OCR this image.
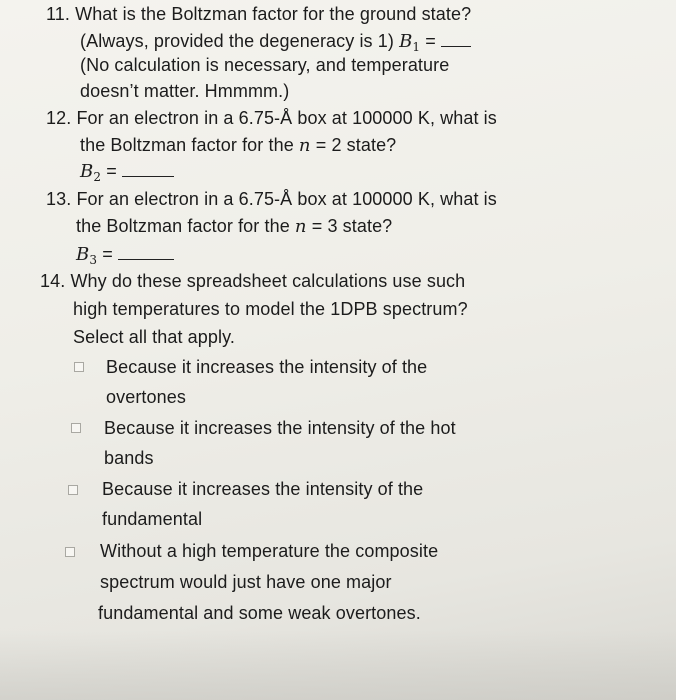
11. What is the Boltzman factor for the ground state?
(Always, provided the degeneracy is 1) $B_1$ =
(No calculation is necessary, and temperature
doesn’t matter. Hmmmm.)
12. For an electron in a 6.75-Å box at 100000 K, what is
the Boltzman factor for the n = 2 state?
$B_2$ =
13. For an electron in a 6.75-Å box at 100000 K, what is
the Boltzman factor for the n = 3 state?
$B_3$ =
14. Why do these spreadsheet calculations use such
high temperatures to model the 1DPB spectrum?
Select all that apply.
Because it increases the intensity of the
overtones
Because it increases the intensity of the hot
bands
Because it increases the intensity of the
fundamental
Without a high temperature the composite
spectrum would just have one major
fundamental and some weak overtones.
